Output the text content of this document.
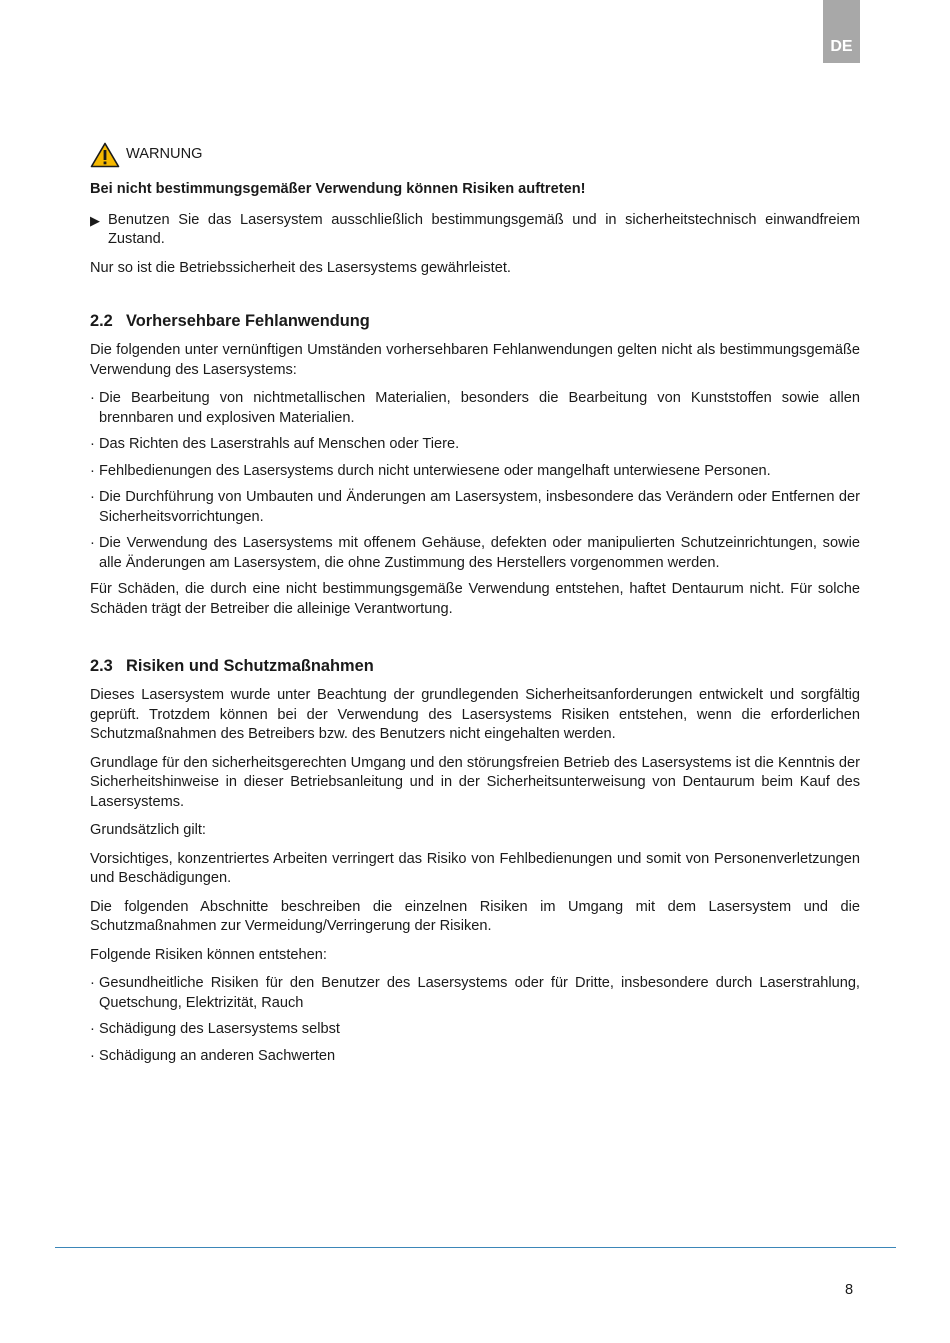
DE
WARNUNG

Bei nicht bestimmungsgemäßer Verwendung können Risiken auftreten!

▶ Benutzen Sie das Lasersystem ausschließlich bestimmungsgemäß und in sicherheitstechnisch einwandfreiem Zustand.

Nur so ist die Betriebssicherheit des Lasersystems gewährleistet.

2.2 Vorhersehbare Fehlanwendung

Die folgenden unter vernünftigen Umständen vorhersehbaren Fehlanwendungen gelten nicht als bestimmungsgemäße Verwendung des Lasersystems:

· Die Bearbeitung von nichtmetallischen Materialien, besonders die Bearbeitung von Kunststoffen sowie allen brennbaren und explosiven Materialien.
· Das Richten des Laserstrahls auf Menschen oder Tiere.
· Fehlbedienungen des Lasersystems durch nicht unterwiesene oder mangelhaft unterwiesene Personen.
· Die Durchführung von Umbauten und Änderungen am Lasersystem, insbesondere das Verändern oder Entfernen der Sicherheitsvorrichtungen.
· Die Verwendung des Lasersystems mit offenem Gehäuse, defekten oder manipulierten Schutzeinrichtungen, sowie alle Änderungen am Lasersystem, die ohne Zustimmung des Herstellers vorgenommen werden.

Für Schäden, die durch eine nicht bestimmungsgemäße Verwendung entstehen, haftet Dentaurum nicht. Für solche Schäden trägt der Betreiber die alleinige Verantwortung.

2.3 Risiken und Schutzmaßnahmen

Dieses Lasersystem wurde unter Beachtung der grundlegenden Sicherheitsanforderungen entwickelt und sorgfältig geprüft. Trotzdem können bei der Verwendung des Lasersystems Risiken entstehen, wenn die erforderlichen Schutzmaßnahmen des Betreibers bzw. des Benutzers nicht eingehalten werden.

Grundlage für den sicherheitsgerechten Umgang und den störungsfreien Betrieb des Lasersystems ist die Kenntnis der Sicherheitshinweise in dieser Betriebsanleitung und in der Sicherheitsunterweisung von Dentaurum beim Kauf des Lasersystems.

Grundsätzlich gilt:

Vorsichtiges, konzentriertes Arbeiten verringert das Risiko von Fehlbedienungen und somit von Personenverletzungen und Beschädigungen.

Die folgenden Abschnitte beschreiben die einzelnen Risiken im Umgang mit dem Lasersystem und die Schutzmaßnahmen zur Vermeidung/Verringerung der Risiken.

Folgende Risiken können entstehen:

· Gesundheitliche Risiken für den Benutzer des Lasersystems oder für Dritte, insbesondere durch Laserstrahlung, Quetschung, Elektrizität, Rauch
· Schädigung des Lasersystems selbst
· Schädigung an anderen Sachwerten
8
